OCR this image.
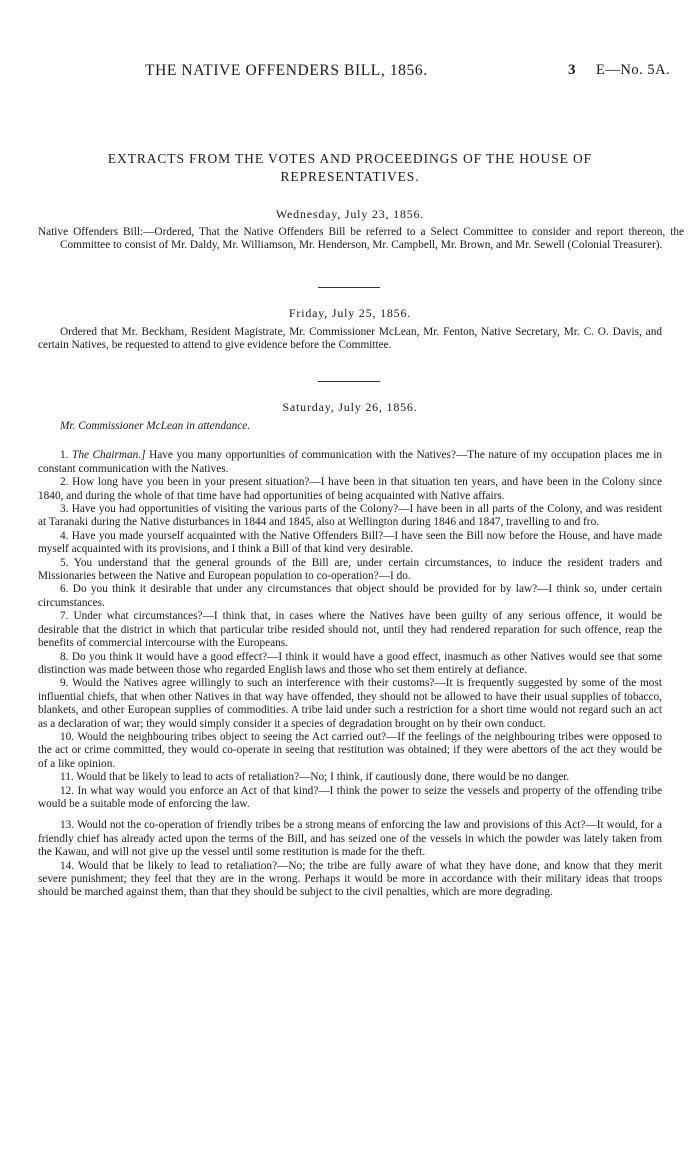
THE NATIVE OFFENDERS BILL, 1856.	3 E—No. 5A.
EXTRACTS FROM THE VOTES AND PROCEEDINGS OF THE HOUSE OF
REPRESENTATIVES.
Wednesday, July 23, 1856.
Native Offenders Bill:—Ordered, That the Native Offenders Bill be referred to a Select Committee to consider and report thereon, the Committee to consist of Mr. Daldy, Mr. Williamson, Mr. Henderson, Mr. Campbell, Mr. Brown, and Mr. Sewell (Colonial Treasurer).
Friday, July 25, 1856.

Ordered that Mr. Beckham, Resident Magistrate, Mr. Commissioner McLean, Mr. Fenton, Native Secretary, Mr. C. O. Davis, and certain Natives, be requested to attend to give evidence before the Committee.

Saturday, July 26, 1856.
Mr. Commissioner McLean in attendance.

1. The Chairman.] Have you many opportunities of communication with the Natives?—The nature of my occupation places me in constant communication with the Natives.

2. How long have you been in your present situation?—I have been in that situation ten years, and have been in the Colony since 1840, and during the whole of that time have had opportunities of being acquainted with Native affairs.

3. Have you had opportunities of visiting the various parts of the Colony?—I have been in all parts of the Colony, and was resident at Taranaki during the Native disturbances in 1844 and 1845, also at Wellington during 1846 and 1847, travelling to and fro.

4. Have you made yourself acquainted with the Native Offenders Bill?—I have seen the Bill now before the House, and have made myself acquainted with its provisions, and I think a Bill of that kind very desirable.

5. You understand that the general grounds of the Bill are, under certain circumstances, to induce the resident traders and Missionaries between the Native and European population to co-operation?—I do.

6. Do you think it desirable that under any circumstances that object should be provided for by law?—I think so, under certain circumstances.

7. Under what circumstances?—I think that, in cases where the Natives have been guilty of any serious offence, it would be desirable that the district in which that particular tribe resided should not, until they had rendered reparation for such offence, reap the benefits of commercial intercourse with the Europeans.

8. Do you think it would have a good effect?—I think it would have a good effect, inasmuch as other Natives would see that some distinction was made between those who regarded English laws and those who set them entirely at defiance.

9. Would the Natives agree willingly to such an interference with their customs?—It is frequently suggested by some of the most influential chiefs, that when other Natives in that way have offended, they should not be allowed to have their usual supplies of tobacco, blankets, and other European supplies of commodities. A tribe laid under such a restriction for a short time would not regard such an act as a declaration of war; they would simply consider it a species of degradation brought on by their own conduct.

10. Would the neighbouring tribes object to seeing the Act carried out?—If the feelings of the neighbouring tribes were opposed to the act or crime committed, they would co-operate in seeing that restitution was obtained; if they were abettors of the act they would be of a like opinion.

11. Would that be likely to lead to acts of retaliation?—No; I think, if cautiously done, there would be no danger.

12. In what way would you enforce an Act of that kind?—I think the power to seize the vessels and property of the offending tribe would be a suitable mode of enforcing the law.

13. Would not the co-operation of friendly tribes be a strong means of enforcing the law and provisions of this Act?—It would, for a friendly chief has already acted upon the terms of the Bill, and has seized one of the vessels in which the powder was lately taken from the Kawau, and will not give up the vessel until some restitution is made for the theft.

14. Would that be likely to lead to retaliation?—No; the tribe are fully aware of what they have done, and know that they merit severe punishment; they feel that they are in the wrong. Perhaps it would be more in accordance with their military ideas that troops should be marched against them, than that they should be subject to the civil penalties, which are more degrading.
